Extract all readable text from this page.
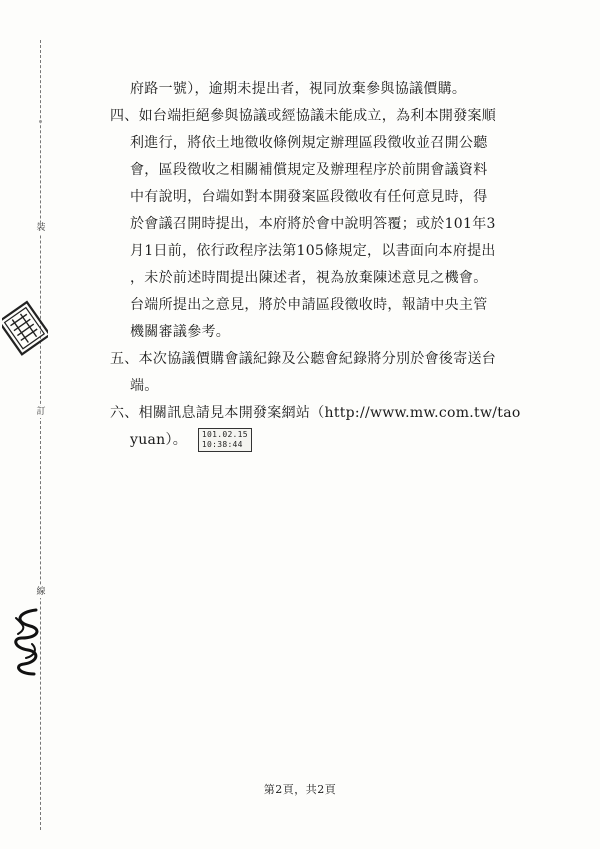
裝
訂
線
府路一號），逾期未提出者，視同放棄參與協議價購。
四、如台端拒絕參與協議或經協議未能成立，為利本開發案順
利進行，將依土地徵收條例規定辦理區段徵收並召開公聽
會，區段徵收之相關補償規定及辦理程序於前開會議資料
中有說明，台端如對本開發案區段徵收有任何意見時，得
於會議召開時提出，本府將於會中說明答覆；或於101年3
月1日前，依行政程序法第105條規定，以書面向本府提出
，未於前述時間提出陳述者，視為放棄陳述意見之機會。
台端所提出之意見，將於申請區段徵收時，報請中央主管
機關審議參考。
五、本次協議價購會議紀錄及公聽會紀錄將分別於會後寄送台
端。
六、相關訊息請見本開發案網站（http://www.mw.com.tw/tao
yuan）。 101.02.15
10:38:44
第2頁，共2頁
